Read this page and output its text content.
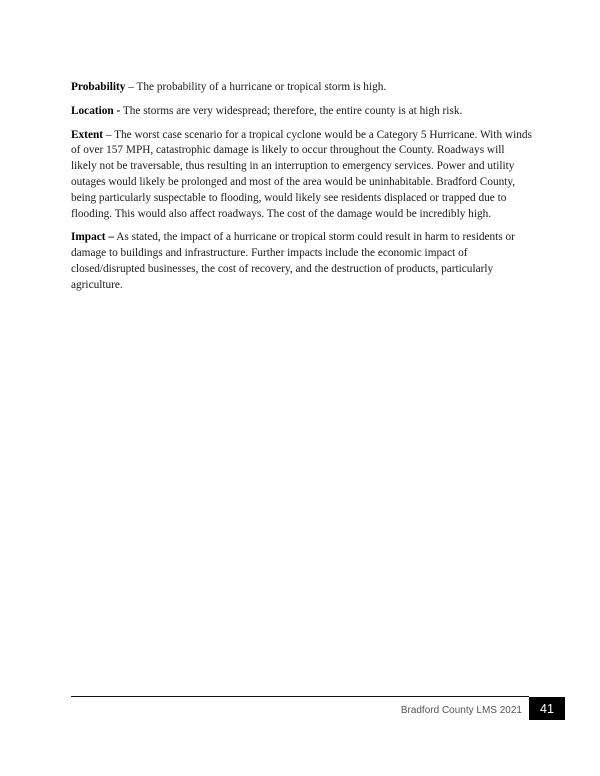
Probability – The probability of a hurricane or tropical storm is high.

Location - The storms are very widespread; therefore, the entire county is at high risk.

Extent – The worst case scenario for a tropical cyclone would be a Category 5 Hurricane. With winds of over 157 MPH, catastrophic damage is likely to occur throughout the County. Roadways will likely not be traversable, thus resulting in an interruption to emergency services. Power and utility outages would likely be prolonged and most of the area would be uninhabitable. Bradford County, being particularly suspectable to flooding, would likely see residents displaced or trapped due to flooding. This would also affect roadways. The cost of the damage would be incredibly high.

Impact – As stated, the impact of a hurricane or tropical storm could result in harm to residents or damage to buildings and infrastructure. Further impacts include the economic impact of closed/disrupted businesses, the cost of recovery, and the destruction of products, particularly agriculture.

Bradford County LMS 2021	41
